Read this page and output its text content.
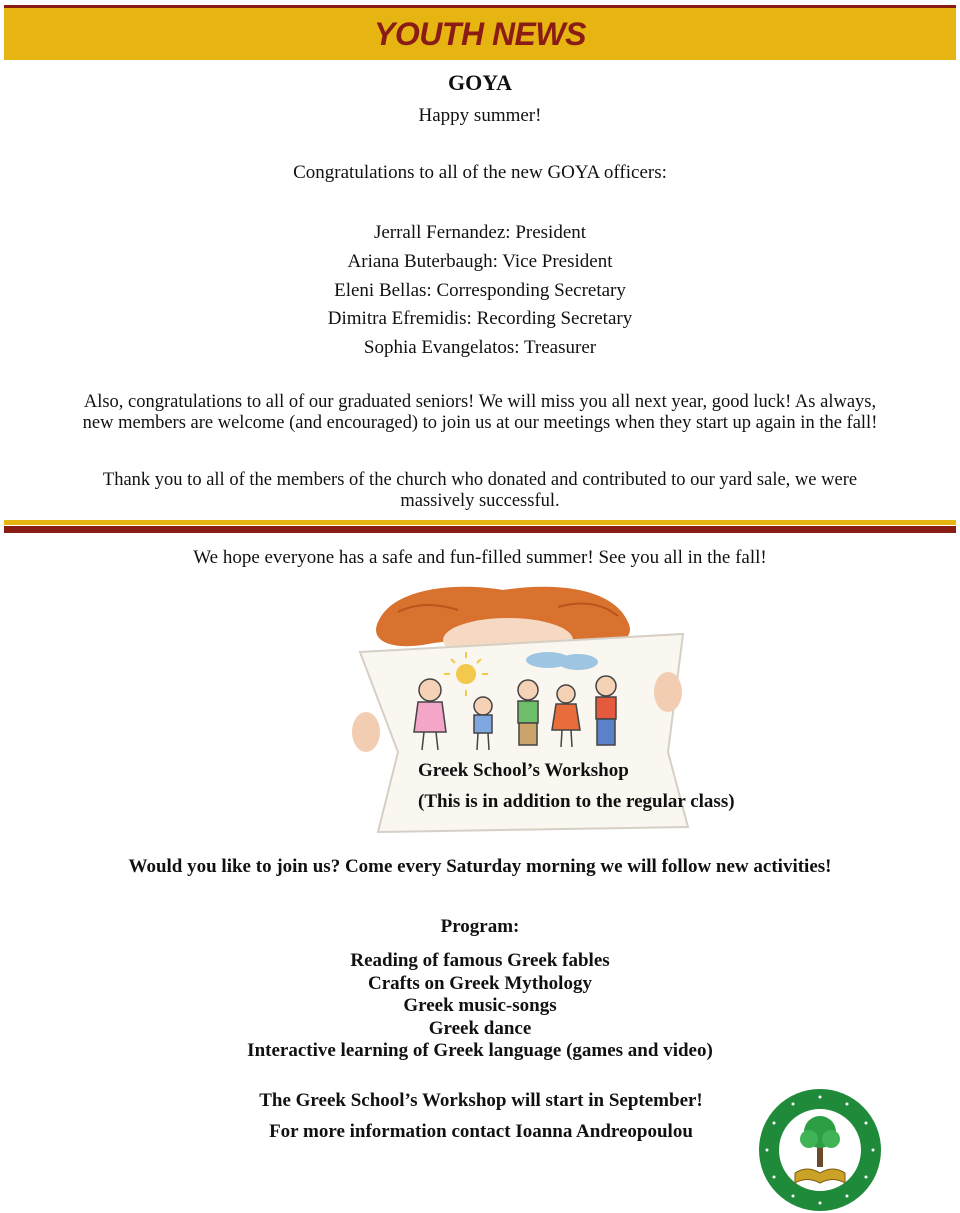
YOUTH NEWS
GOYA
Happy summer!
Congratulations to all of the new GOYA officers:
Jerrall Fernandez: President
Ariana Buterbaugh: Vice President
Eleni Bellas: Corresponding Secretary
Dimitra Efremidis: Recording Secretary
Sophia Evangelatos: Treasurer
Also, congratulations to all of our graduated seniors! We will miss you all next year, good luck! As always,
new members are welcome (and encouraged) to join us at our meetings when they start up again in the fall!
Thank you to all of the members of the church who donated and contributed to our yard sale, we were
massively successful.
We hope everyone has a safe and fun-filled summer! See you all in the fall!
Greek School’s Workshop
(This is in addition to the regular class)
Would you like to join us? Come every Saturday morning we will follow new activities!
Program:
Reading of famous Greek fables
Crafts on Greek Mythology
Greek music-songs
Greek dance
Interactive learning of Greek language (games and video)
The Greek School’s Workshop will start in September!
For more information contact Ioanna Andreopoulou
